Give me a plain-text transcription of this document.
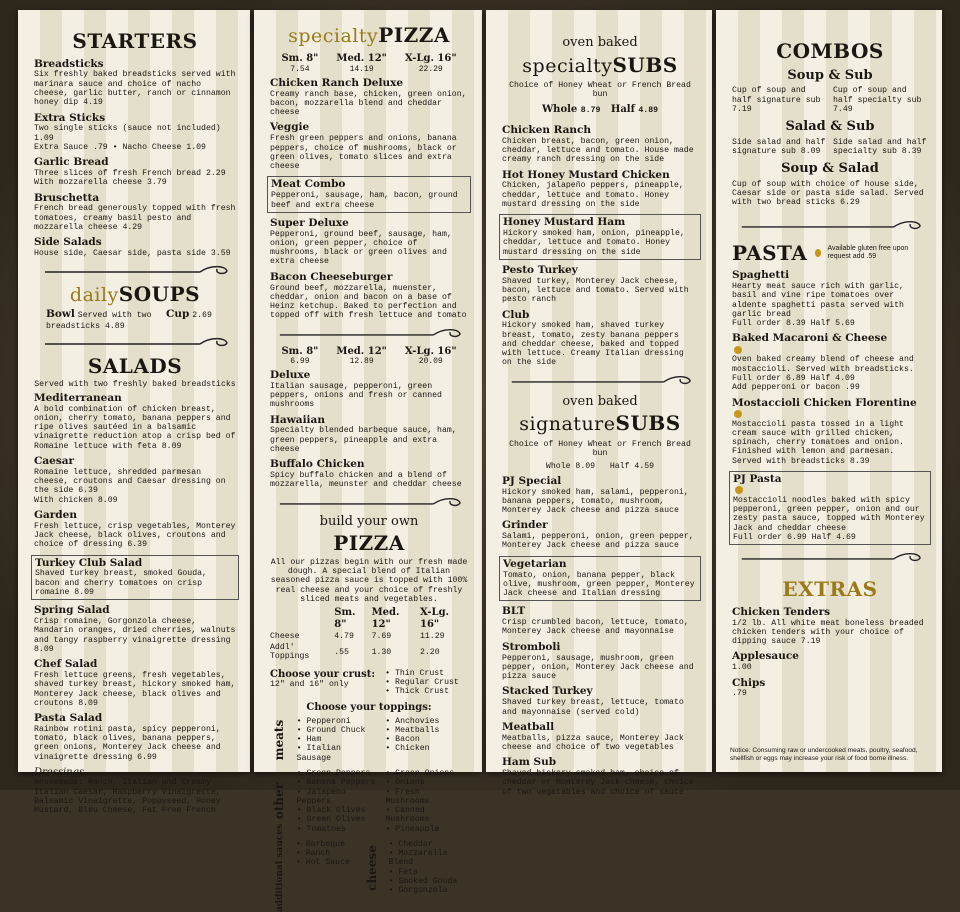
STARTERS
Breadsticks
Six freshly baked breadsticks served with marinara sauce and choice of nacho cheese, garlic butter, ranch or cinnamon honey dip 4.19
Extra Sticks
Two single sticks (sauce not included) 1.09
Extra Sauce .79 • Nacho Cheese 1.09
Garlic Bread
Three slices of fresh French bread 2.29
With mozzarella cheese 3.79
Bruschetta
French bread generously topped with fresh tomatoes, creamy basil pesto and mozzarella cheese 4.29
Side Salads
House side, Caesar side, pasta side 3.59
dailySOUPS
Bowl Served with two breadsticks 4.89
Cup 2.69
SALADS
Served with two freshly baked breadsticks
Mediterranean
A bold combination of chicken breast, onion, cherry tomato, banana peppers and ripe olives sautéed in a balsamic vinaigrette reduction atop a crisp bed of Romaine lettuce with feta 8.09
Caesar
Romaine lettuce, shredded parmesan cheese, croutons and Caesar dressing on the side 6.39
With chicken 8.09
Garden
Fresh lettuce, crisp vegetables, Monterey Jack cheese, black olives, croutons and choice of dressing 6.39
Turkey Club Salad
Shaved turkey breast, smoked Gouda, bacon and cherry tomatoes on crisp romaine 8.09
Spring Salad
Crisp romaine, Gorgonzola cheese, Mandarin oranges, dried cherries, walnuts and tangy raspberry vinaigrette dressing 8.09
Chef Salad
Fresh lettuce greens, fresh vegetables, shaved turkey breast, hickory smoked ham, Monterey Jack cheese, black olives and croutons 8.09
Pasta Salad
Rainbow rotini pasta, spicy pepperoni, tomato, black olives, banana peppers, green onions, Monterey Jack cheese and vinaigrette dressing 6.99
Dressings
Housemade: Ranch, Italian and Creamy Italian Caesar, Raspberry Vinaigrette, Balsamic Vinaigrette, Poppyseed, Honey Mustard, Bleu Cheese, Fat Free French
specialtyPIZZA
Sm. 8"
7.54
Med. 12"
14.19
X-Lg. 16"
22.29
Chicken Ranch Deluxe
Creamy ranch base, chicken, green onion, bacon, mozzarella blend and cheddar cheese
Veggie
Fresh green peppers and onions, banana peppers, choice of mushrooms, black or green olives, tomato slices and extra cheese
Meat Combo
Pepperoni, sausage, ham, bacon, ground beef and extra cheese
Super Deluxe
Pepperoni, ground beef, sausage, ham, onion, green pepper, choice of mushrooms, black or green olives and extra cheese
Bacon Cheeseburger
Ground beef, mozzarella, muenster, cheddar, onion and bacon on a base of Heinz ketchup. Baked to perfection and topped off with fresh lettuce and tomato
Sm. 8"
6.99
Med. 12"
12.89
X-Lg. 16"
20.09
Deluxe
Italian sausage, pepperoni, green peppers, onions and fresh or canned mushrooms
Hawaiian
Specialty blended barbeque sauce, ham, green peppers, pineapple and extra cheese
Buffalo Chicken
Spicy buffalo chicken and a blend of mozzarella, meunster and cheddar cheese
build your own
PIZZA
All our pizzas begin with our fresh made dough. A special blend of Italian seasoned pizza sauce is topped with 100% real cheese and your choice of freshly sliced meats and vegetables.
	Sm. 8"	Med. 12"	X-Lg. 16"
Cheese	4.79	7.69	11.29
Addl' Toppings	.55	1.30	2.20
Choose your crust:
12" and 16" only
• Thin Crust
• Regular Crust
• Thick Crust
Choose your toppings:
meats	• Pepperoni
• Ground Chuck
• Ham
• Italian Sausage
• Anchovies
• Meatballs
• Bacon
• Chicken
other
• Green Peppers
• Banana Peppers
• Jalapeno Peppers
• Black Olives
• Green Olives
• Tomatoes
• Green Onions
• Onions
• Fresh Mushrooms
• Canned Mushrooms
• Pineapple
additional sauces	• Barbeque
• Ranch
• Hot Sauce	cheese
• Cheddar
• Mozzarella Blend
• Feta
• Smoked Gouda
• Gorgonzola
oven baked
specialtySUBS
Choice of Honey Wheat or French Bread bun
Whole 8.79 Half 4.89
Chicken Ranch
Chicken breast, bacon, green onion, cheddar, lettuce and tomato. House made creamy ranch dressing on the side
Hot Honey Mustard Chicken
Chicken, jalapeño peppers, pineapple, cheddar, lettuce and tomato. Honey mustard dressing on the side
Honey Mustard Ham
Hickory smoked ham, onion, pineapple, cheddar, lettuce and tomato. Honey mustard dressing on the side
Pesto Turkey
Shaved turkey, Monterey Jack cheese, bacon, lettuce and tomato. Served with pesto ranch
Club
Hickory smoked ham, shaved turkey breast, tomato, zesty banana peppers and cheddar cheese, baked and topped with lettuce. Creamy Italian dressing on the side
oven baked
signatureSUBS
Choice of Honey Wheat or French Bread bun
Whole 8.09 Half 4.59
PJ Special
Hickory smoked ham, salami, pepperoni, banana peppers, tomato, mushroom, Monterey Jack cheese and pizza sauce
Grinder
Salami, pepperoni, onion, green pepper, Monterey Jack cheese and pizza sauce
Vegetarian
Tomato, onion, banana pepper, black olive, mushroom, green pepper, Monterey Jack cheese and Italian dressing
BLT
Crisp crumbled bacon, lettuce, tomato, Monterey Jack cheese and mayonnaise
Stromboli
Pepperoni, sausage, mushroom, green pepper, onion, Monterey Jack cheese and pizza sauce
Stacked Turkey
Shaved turkey breast, lettuce, tomato and mayonnaise (served cold)
Meatball
Meatballs, pizza sauce, Monterey Jack cheese and choice of two vegetables
Ham Sub
Shaved hickory smoked ham, choice of cheddar or Monterey Jack cheese, choice of two vegetables and choice of sauce
COMBOS
Soup & Sub
Cup of soup and half signature sub 7.19
Cup of soup and half specialty sub 7.49
Salad & Sub
Side salad and half signature sub 8.09
Side salad and half specialty sub 8.39
Soup & Salad
Cup of soup with choice of house side, Caesar side or pasta side salad. Served with two bread sticks 6.29
PASTA	Available gluten free upon request add .59
Spaghetti
Hearty meat sauce rich with garlic, basil and vine ripe tomatoes over aldente spaghetti pasta served with garlic bread
Full order 8.39 Half 5.69
Baked Macaroni & Cheese
Oven baked creamy blend of cheese and mostaccioli. Served with breadsticks.
Full order 6.89 Half 4.09
Add pepperoni or bacon .99
Mostaccioli Chicken Florentine
Mostaccioli pasta tossed in a light cream sauce with grilled chicken, spinach, cherry tomatoes and onion. Finished with lemon and parmesan. Served with breadsticks 8.39
PJ Pasta
Mostaccioli noodles baked with spicy pepperoni, green pepper, onion and our zesty pasta sauce, topped with Monterey Jack and cheddar cheese
Full order 6.99 Half 4.69
EXTRAS
Chicken Tenders
1/2 lb. All white meat boneless breaded chicken tenders with your choice of dipping sauce 7.19
Applesauce
1.00
Chips
.79
Notice: Consuming raw or undercooked meats, poultry, seafood, shellfish or eggs may increase your risk of food borne illness.
